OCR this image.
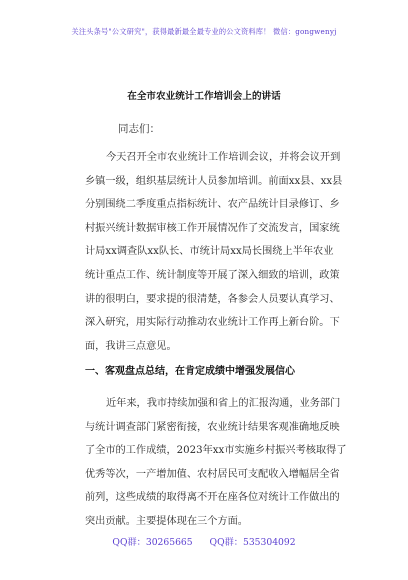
关注头条号"公文研究"，获得最新最全最专业的公文资料库！ 微信：gongwenyj
在全市农业统计工作培训会上的讲话
同志们：
今天召开全市农业统计工作培训会议，并将会议开到
乡镇一级，组织基层统计人员参加培训。前面xx县、xx县
分别围绕二季度重点指标统计、农产品统计目录修订、乡
村振兴统计数据审核工作开展情况作了交流发言，国家统
计局xx调查队xx队长、市统计局xx局长围绕上半年农业
统计重点工作、统计制度等开展了深入细致的培训，政策
讲的很明白，要求提的很清楚，各参会人员要认真学习、
深入研究，用实际行动推动农业统计工作再上新台阶。下
面，我讲三点意见。
一、客观盘点总结，在肯定成绩中增强发展信心
近年来，我市持续加强和省上的汇报沟通，业务部门
与统计调查部门紧密衔接，农业统计结果客观准确地反映
了全市的工作成绩，2023年xx市实施乡村振兴考核取得了
优秀等次，一产增加值、农村居民可支配收入增幅居全省
前列，这些成绩的取得离不开在座各位对统计工作做出的
突出贡献。主要提体现在三个方面。
QQ群：30265665 QQ群：535304092
